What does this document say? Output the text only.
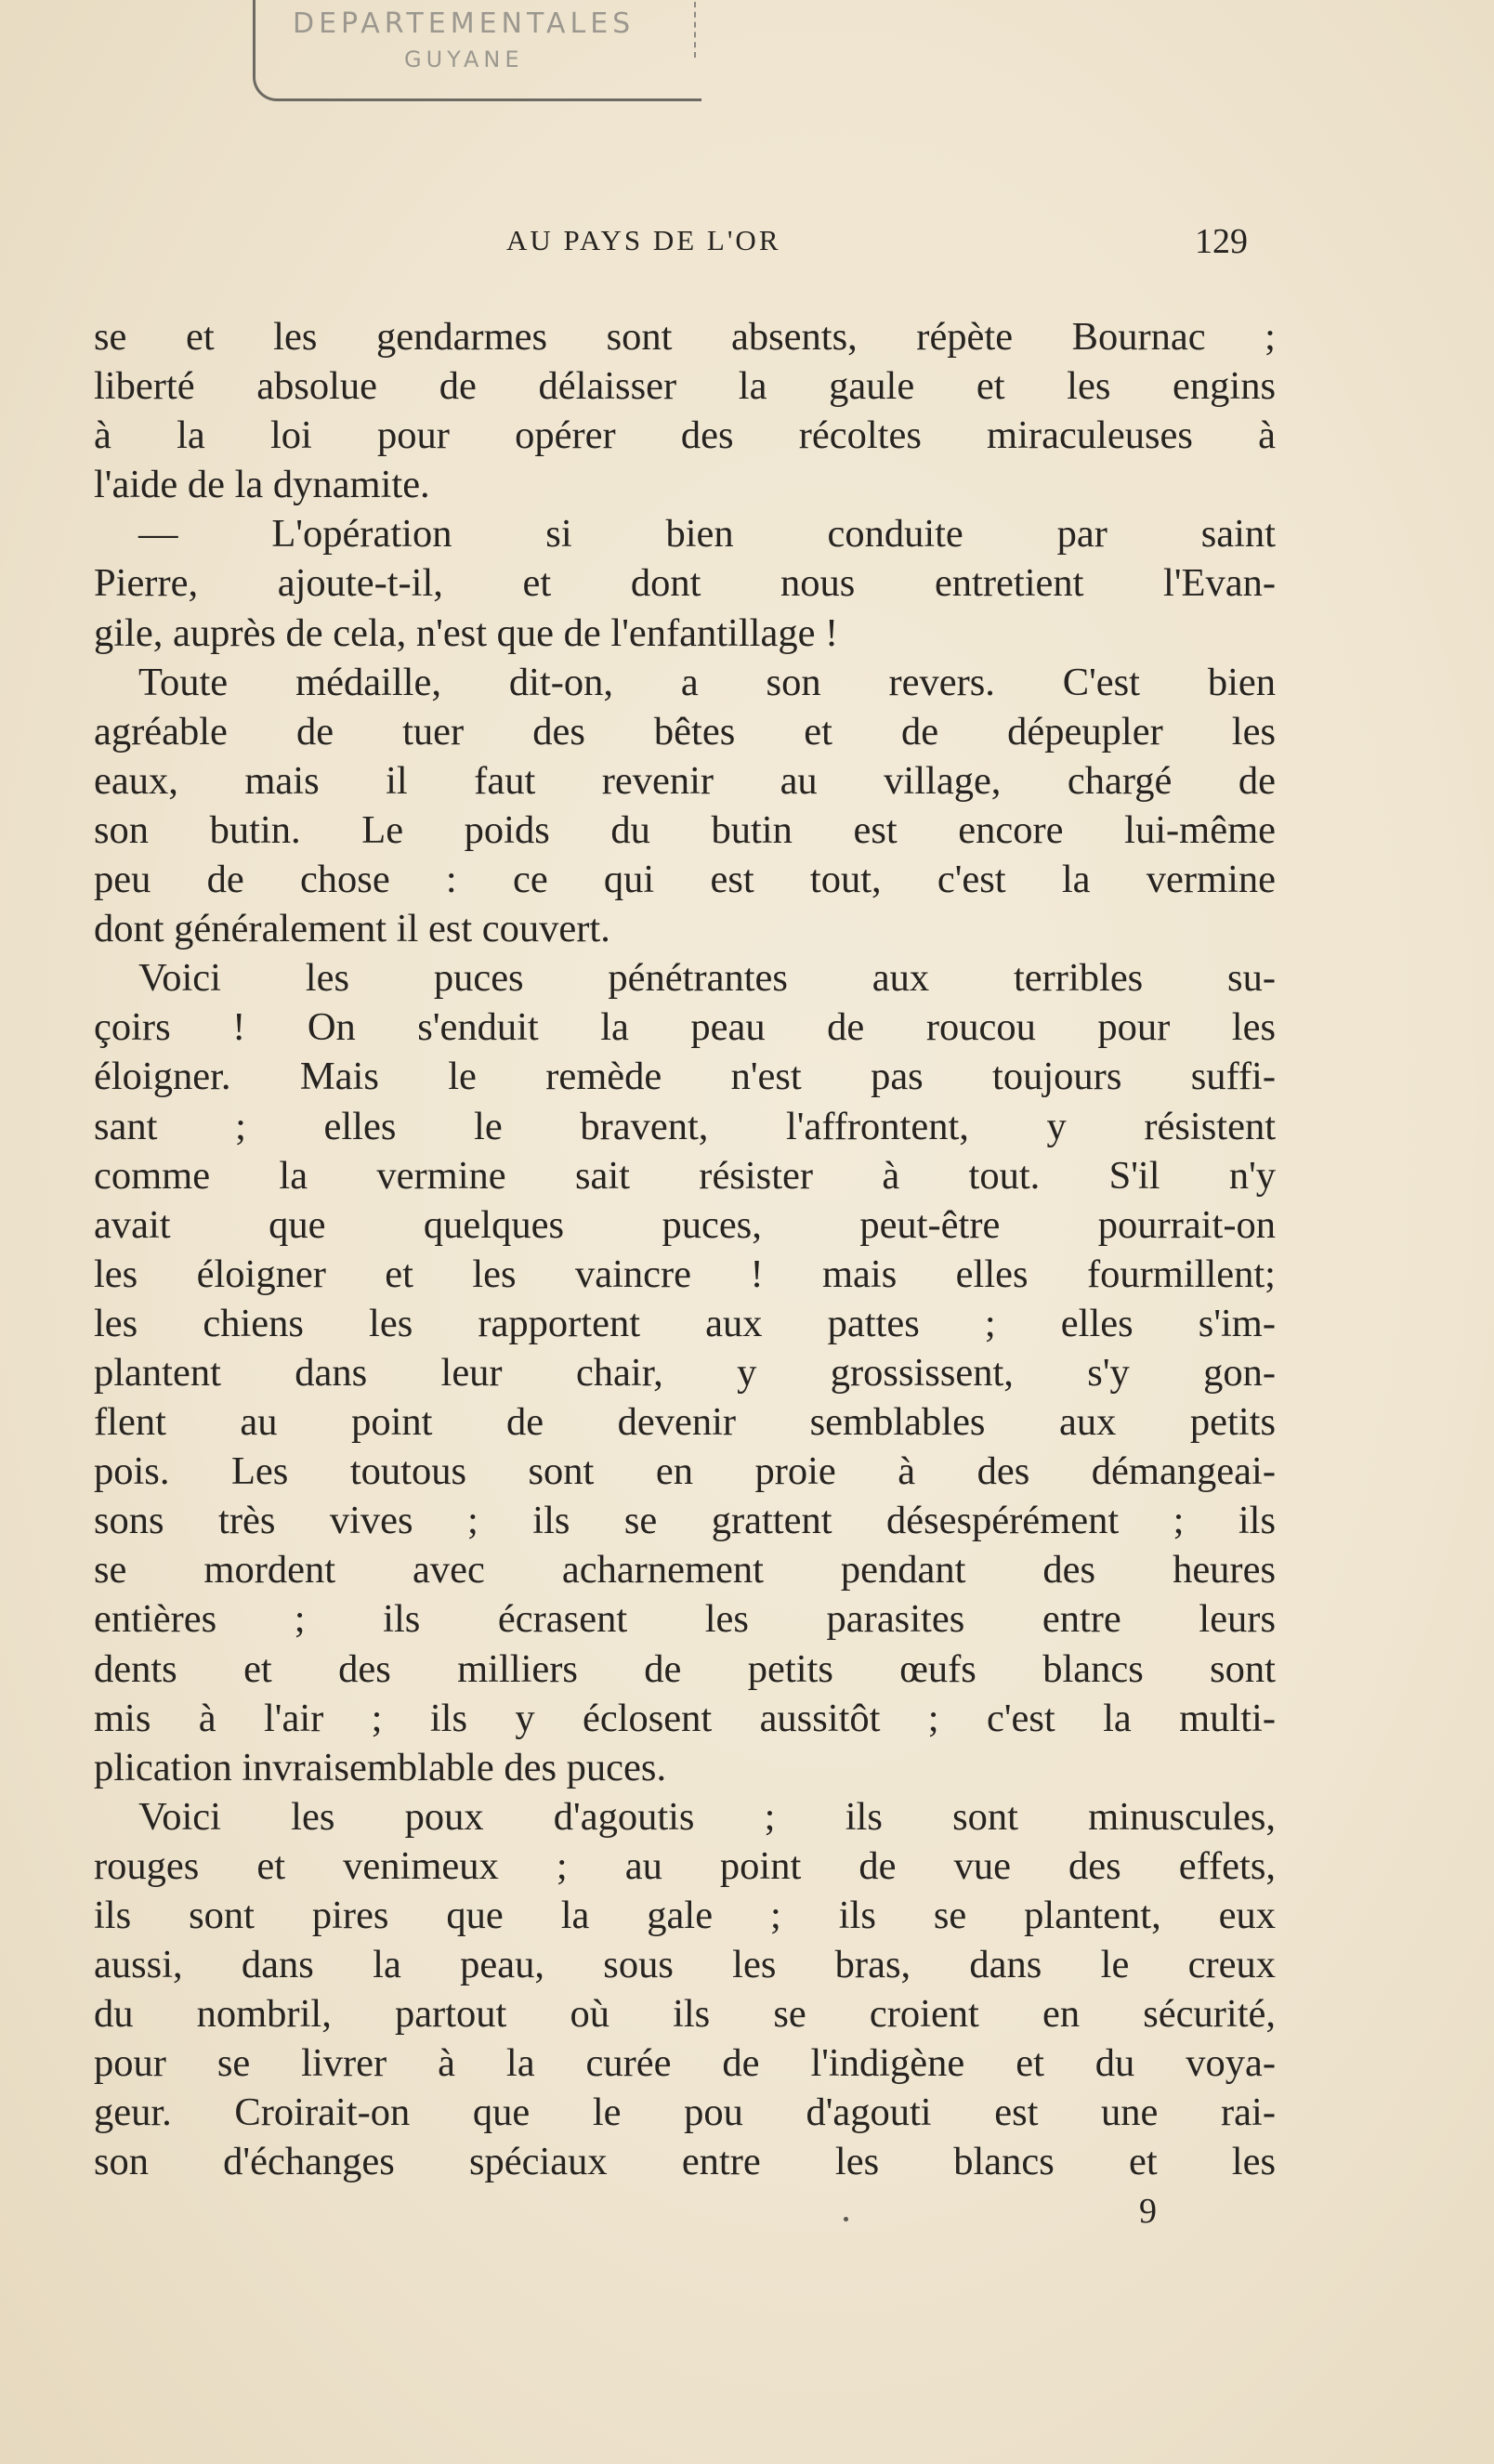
DEPARTEMENTALES
GUYANE
AU PAYS DE L'OR	129
se et les gendarmes sont absents, répète Bournac ;
liberté absolue de délaisser la gaule et les engins
à la loi pour opérer des récoltes miraculeuses à
l'aide de la dynamite.
— L'opération si bien conduite par saint
Pierre, ajoute-t-il, et dont nous entretient l'Evan-
gile, auprès de cela, n'est que de l'enfantillage !
Toute médaille, dit-on, a son revers. C'est bien
agréable de tuer des bêtes et de dépeupler les
eaux, mais il faut revenir au village, chargé de
son butin. Le poids du butin est encore lui-même
peu de chose : ce qui est tout, c'est la vermine
dont généralement il est couvert.
Voici les puces pénétrantes aux terribles su-
çoirs ! On s'enduit la peau de roucou pour les
éloigner. Mais le remède n'est pas toujours suffi-
sant ; elles le bravent, l'affrontent, y résistent
comme la vermine sait résister à tout. S'il n'y
avait que quelques puces, peut-être pourrait-on
les éloigner et les vaincre ! mais elles fourmillent;
les chiens les rapportent aux pattes ; elles s'im-
plantent dans leur chair, y grossissent, s'y gon-
flent au point de devenir semblables aux petits
pois. Les toutous sont en proie à des démangeai-
sons très vives ; ils se grattent désespérément ; ils
se mordent avec acharnement pendant des heures
entières ; ils écrasent les parasites entre leurs
dents et des milliers de petits œufs blancs sont
mis à l'air ; ils y éclosent aussitôt ; c'est la multi-
plication invraisemblable des puces.
Voici les poux d'agoutis ; ils sont minuscules,
rouges et venimeux ; au point de vue des effets,
ils sont pires que la gale ; ils se plantent, eux
aussi, dans la peau, sous les bras, dans le creux
du nombril, partout où ils se croient en sécurité,
pour se livrer à la curée de l'indigène et du voya-
geur. Croirait-on que le pou d'agouti est une rai-
son d'échanges spéciaux entre les blancs et les
9
